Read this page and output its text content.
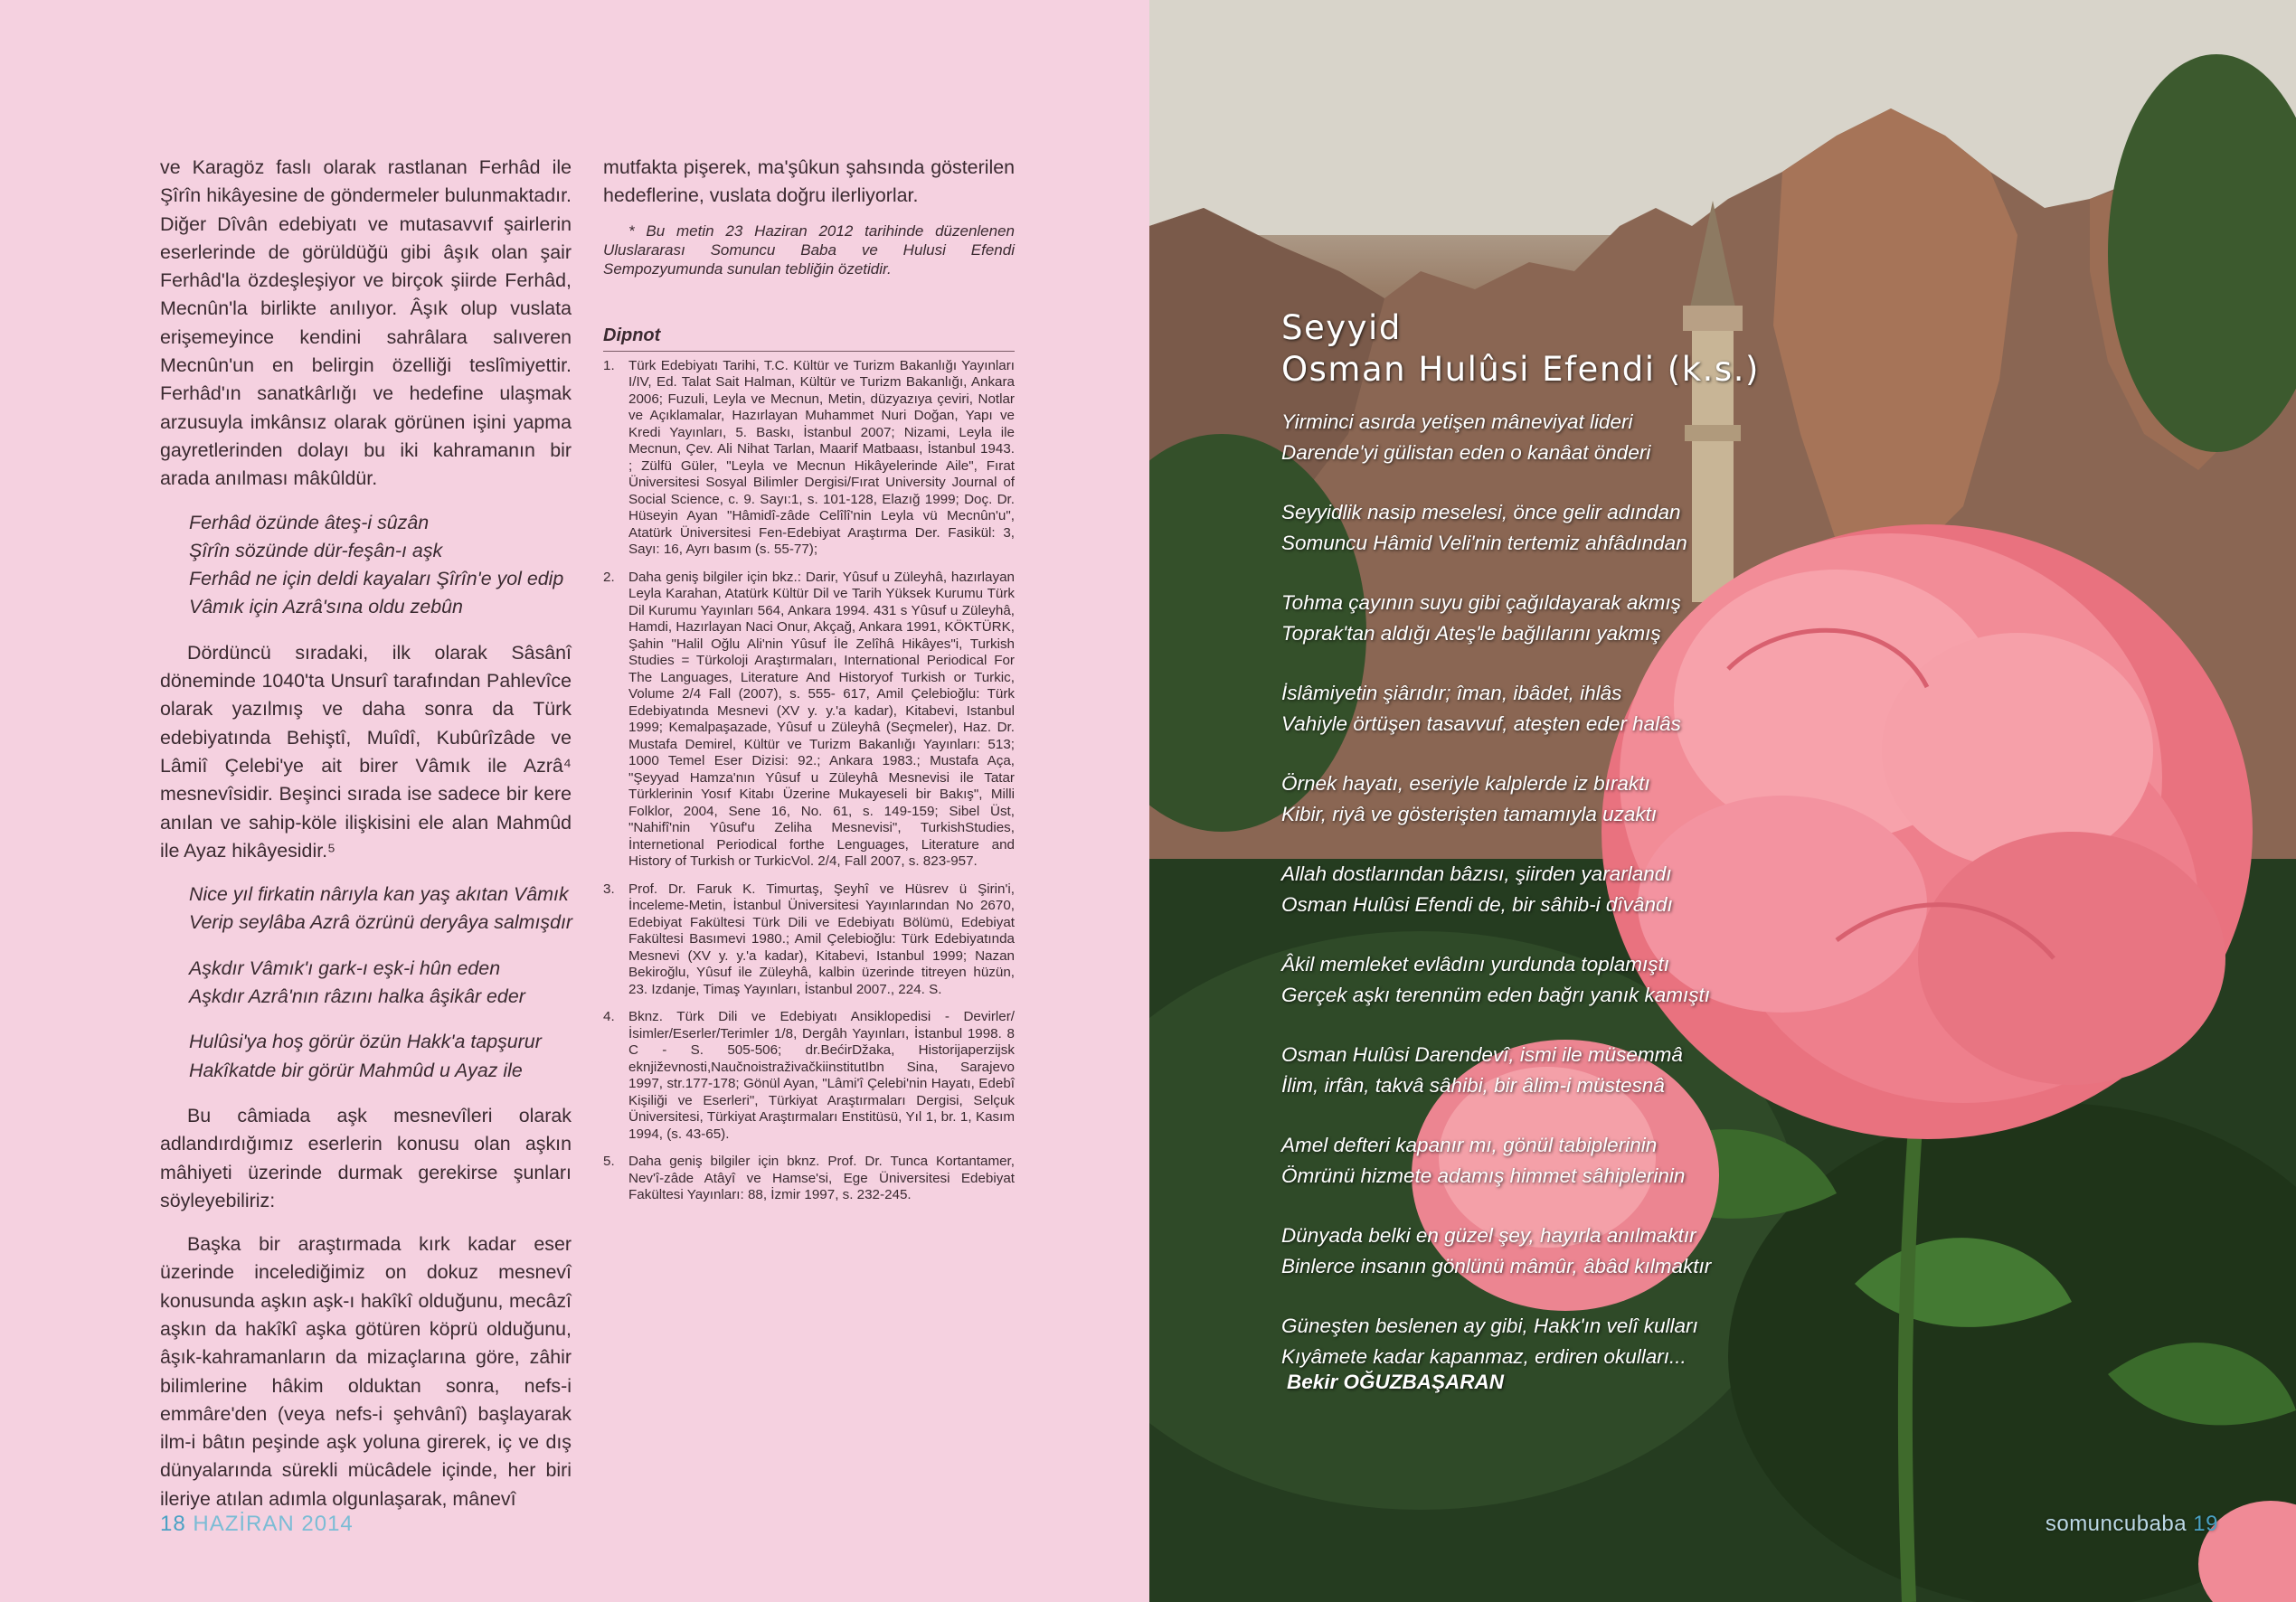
ve Karagöz faslı olarak rastlanan Ferhâd ile Şîrîn hikâyesine de göndermeler bulunmaktadır. Diğer Dîvân edebiyatı ve mutasavvıf şairlerin eserlerinde de görüldüğü gibi âşık olan şair Ferhâd'la özdeşleşiyor ve birçok şiirde Ferhâd, Mecnûn'la birlikte anılıyor. Âşık olup vuslata erişemeyince kendini sahrâlara salıveren Mecnûn'un en belirgin özelliği teslîmiyettir. Ferhâd'ın sanatkârlığı ve hedefine ulaşmak arzusuyla imkânsız olarak görünen işini yapma gayretlerinden dolayı bu iki kahramanın bir arada anılması mâkûldür.

Ferhâd özünde âteş-i sûzân
Şîrîn sözünde dür-feşân-ı aşk
Ferhâd ne için deldi kayaları Şîrîn'e yol edip
Vâmık için Azrâ'sına oldu zebûn

Dördüncü sıradaki, ilk olarak Sâsânî döneminde 1040'ta Unsurî tarafından Pahlevîce olarak yazılmış ve daha sonra da Türk edebiyatında Behiştî, Muîdî, Kubûrîzâde ve Lâmiî Çelebi'ye ait birer Vâmık ile Azrâ⁴ mesnevîsidir. Beşinci sırada ise sadece bir kere anılan ve sahip-köle ilişkisini ele alan Mahmûd ile Ayaz hikâyesidir.⁵

Nice yıl firkatin nârıyla kan yaş akıtan Vâmık
Verip seylâba Azrâ özrünü deryâya salmışdır
Aşkdır Vâmık'ı gark-ı eşk-i hûn eden
Aşkdır Azrâ'nın râzını halka âşikâr eder
Hulûsi'ya hoş görür özün Hakk'a tapşurur
Hakîkatde bir görür Mahmûd u Ayaz ile

Bu câmiada aşk mesnevîleri olarak adlandırdığımız eserlerin konusu olan aşkın mâhiyeti üzerinde durmak gerekirse şunları söyleyebiliriz:

Başka bir araştırmada kırk kadar eser üzerinde incelediğimiz on dokuz mesnevî konusunda aşkın aşk-ı hakîkî olduğunu, mecâzî aşkın da hakîkî aşka götüren köprü olduğunu, âşık-kahramanların da mizaçlarına göre, zâhir bilimlerine hâkim olduktan sonra, nefs-i emmâre'den (veya nefs-i şehvânî) başlayarak ilm-i bâtın peşinde aşk yoluna girerek, iç ve dış dünyalarında sürekli mücâdele içinde, her biri ileriye atılan adımla olgunlaşarak, mânevî

mutfakta pişerek, ma'şûkun şahsında gösterilen hedeflerine, vuslata doğru ilerliyorlar.
* Bu metin 23 Haziran 2012 tarihinde düzenlenen Uluslararası Somuncu Baba ve Hulusi Efendi Sempozyumunda sunulan tebliğin özetidir.
Dipnot
1.	Türk Edebiyatı Tarihi, T.C. Kültür ve Turizm Bakanlığı Yayınları I/IV, Ed. Talat Sait Halman, Kültür ve Turizm Bakanlığı, Ankara 2006; Fuzuli, Leyla ve Mecnun, Metin, düzyazıya çeviri, Notlar ve Açıklamalar, Hazırlayan Muhammet Nuri Doğan, Yapı ve Kredi Yayınları, 5. Baskı, İstanbul 2007; Nizami, Leyla ile Mecnun, Çev. Ali Nihat Tarlan, Maarif Matbaası, İstanbul 1943. ; Zülfü Güler, "Leyla ve Mecnun Hikâyelerinde Aile", Fırat Üniversitesi Sosyal Bilimler Dergisi/Fırat University Journal of Social Science, c. 9. Sayı:1, s. 101-128, Elazığ 1999; Doç. Dr. Hüseyin Ayan "Hâmidî-zâde Celîlî'nin Leyla vü Mecnûn'u", Atatürk Üniversitesi Fen-Edebiyat Araştırma Der. Fasikül: 3, Sayı: 16, Ayrı basım (s. 55-77);
2.	Daha geniş bilgiler için bkz.: Darir, Yûsuf u Züleyhâ, hazırlayan Leyla Karahan, Atatürk Kültür Dil ve Tarih Yüksek Kurumu Türk Dil Kurumu Yayınları 564, Ankara 1994. 431 s Yûsuf u Züleyhâ, Hamdi, Hazırlayan Naci Onur, Akçağ, Ankara 1991, KÖKTÜRK, Şahin "Halil Oğlu Ali'nin Yûsuf İle Zelîhâ Hikâyes"i, Turkish Studies = Türkoloji Araştırmaları, International Periodical For The Languages, Literature And Historyof Turkish or Turkic, Volume 2/4 Fall (2007), s. 555- 617, Amil Çelebioğlu: Türk Edebiyatında Mesnevi (XV y. y.'a kadar), Kitabevi, Istanbul 1999; Kemalpaşazade, Yûsuf u Züleyhâ (Seçmeler), Haz. Dr. Mustafa Demirel, Kültür ve Turizm Bakanlığı Yayınları: 513; 1000 Temel Eser Dizisi: 92.; Ankara 1983.; Mustafa Aça, "Şeyyad Hamza'nın Yûsuf u Züleyhâ Mesnevisi ile Tatar Türklerinin Yosıf Kitabı Üzerine Mukayeseli bir Bakış", Milli Folklor, 2004, Sene 16, No. 61, s. 149-159; Sibel Üst, "Nahifî'nin Yûsuf'u Zeliha Mesnevisi", TurkishStudies, İnternetional Periodical forthe Lenguages, Literature and History of Turkish or TurkicVol. 2/4, Fall 2007, s. 823-957.
3.	Prof. Dr. Faruk K. Timurtaş, Şeyhî ve Hüsrev ü Şirin'i, İnceleme-Metin, İstanbul Üniversitesi Yayınlarından No 2670, Edebiyat Fakültesi Türk Dili ve Edebiyatı Bölümü, Edebiyat Fakültesi Basımevi 1980.; Amil Çelebioğlu: Türk Edebiyatında Mesnevi (XV y. y.'a kadar), Kitabevi, Istanbul 1999; Nazan Bekiroğlu, Yûsuf ile Züleyhâ, kalbin üzerinde titreyen hüzün, 23. Izdanje, Timaş Yayınları, İstanbul 2007., 224. S.
4.	Bknz. Türk Dili ve Edebiyatı Ansiklopedisi - Devirler/İsimler/Eserler/Terimler 1/8, Dergâh Yayınları, İstanbul 1998. 8 C - S. 505-506; dr.BećirDžaka, Historijaperzijsk eknjiževnosti,NaučnoistraživačkiinstitutIbn Sina, Sarajevo 1997, str.177-178; Gönül Ayan, "Lâmi'î Çelebi'nin Hayatı, Edebî Kişiliği ve Eserleri", Türkiyat Araştırmaları Dergisi, Selçuk Üniversitesi, Türkiyat Araştırmaları Enstitüsü, Yıl 1, br. 1, Kasım 1994, (s. 43-65).
5.	Daha geniş bilgiler için bknz. Prof. Dr. Tunca Kortantamer, Nev'î-zâde Atâyî ve Hamse'si, Ege Üniversitesi Edebiyat Fakültesi Yayınları: 88, İzmir 1997, s. 232-245.
18 HAZİRAN 2014
Seyyid
Osman Hulûsi Efendi (k.s.)
Yirminci asırda yetişen mâneviyat lideri
Darende'yi gülistan eden o kanâat önderi
Seyyidlik nasip meselesi, önce gelir adından
Somuncu Hâmid Veli'nin tertemiz ahfâdından
Tohma çayının suyu gibi çağıldayarak akmış
Toprak'tan aldığı Ateş'le bağlılarını yakmış
İslâmiyetin şiârıdır; îman, ibâdet, ihlâs
Vahiyle örtüşen tasavvuf, ateşten eder halâs
Örnek hayatı, eseriyle kalplerde iz bıraktı
Kibir, riyâ ve gösterişten tamamıyla uzaktı
Allah dostlarından bâzısı, şiirden yararlandı
Osman Hulûsi Efendi de, bir sâhib-i dîvândı
Âkil memleket evlâdını yurdunda toplamıştı
Gerçek aşkı terennüm eden bağrı yanık kamıştı
Osman Hulûsi Darendevî, ismi ile müsemmâ
İlim, irfân, takvâ sâhibi, bir âlim-i müstesnâ
Amel defteri kapanır mı, gönül tabiplerinin
Ömrünü hizmete adamış himmet sâhiplerinin
Dünyada belki en güzel şey, hayırla anılmaktır
Binlerce insanın gönlünü mâmûr, âbâd kılmaktır
Güneşten beslenen ay gibi, Hakk'ın velî kulları
Kıyâmete kadar kapanmaz, erdiren okulları...
Bekir OĞUZBAŞARAN
somuncubaba 19
